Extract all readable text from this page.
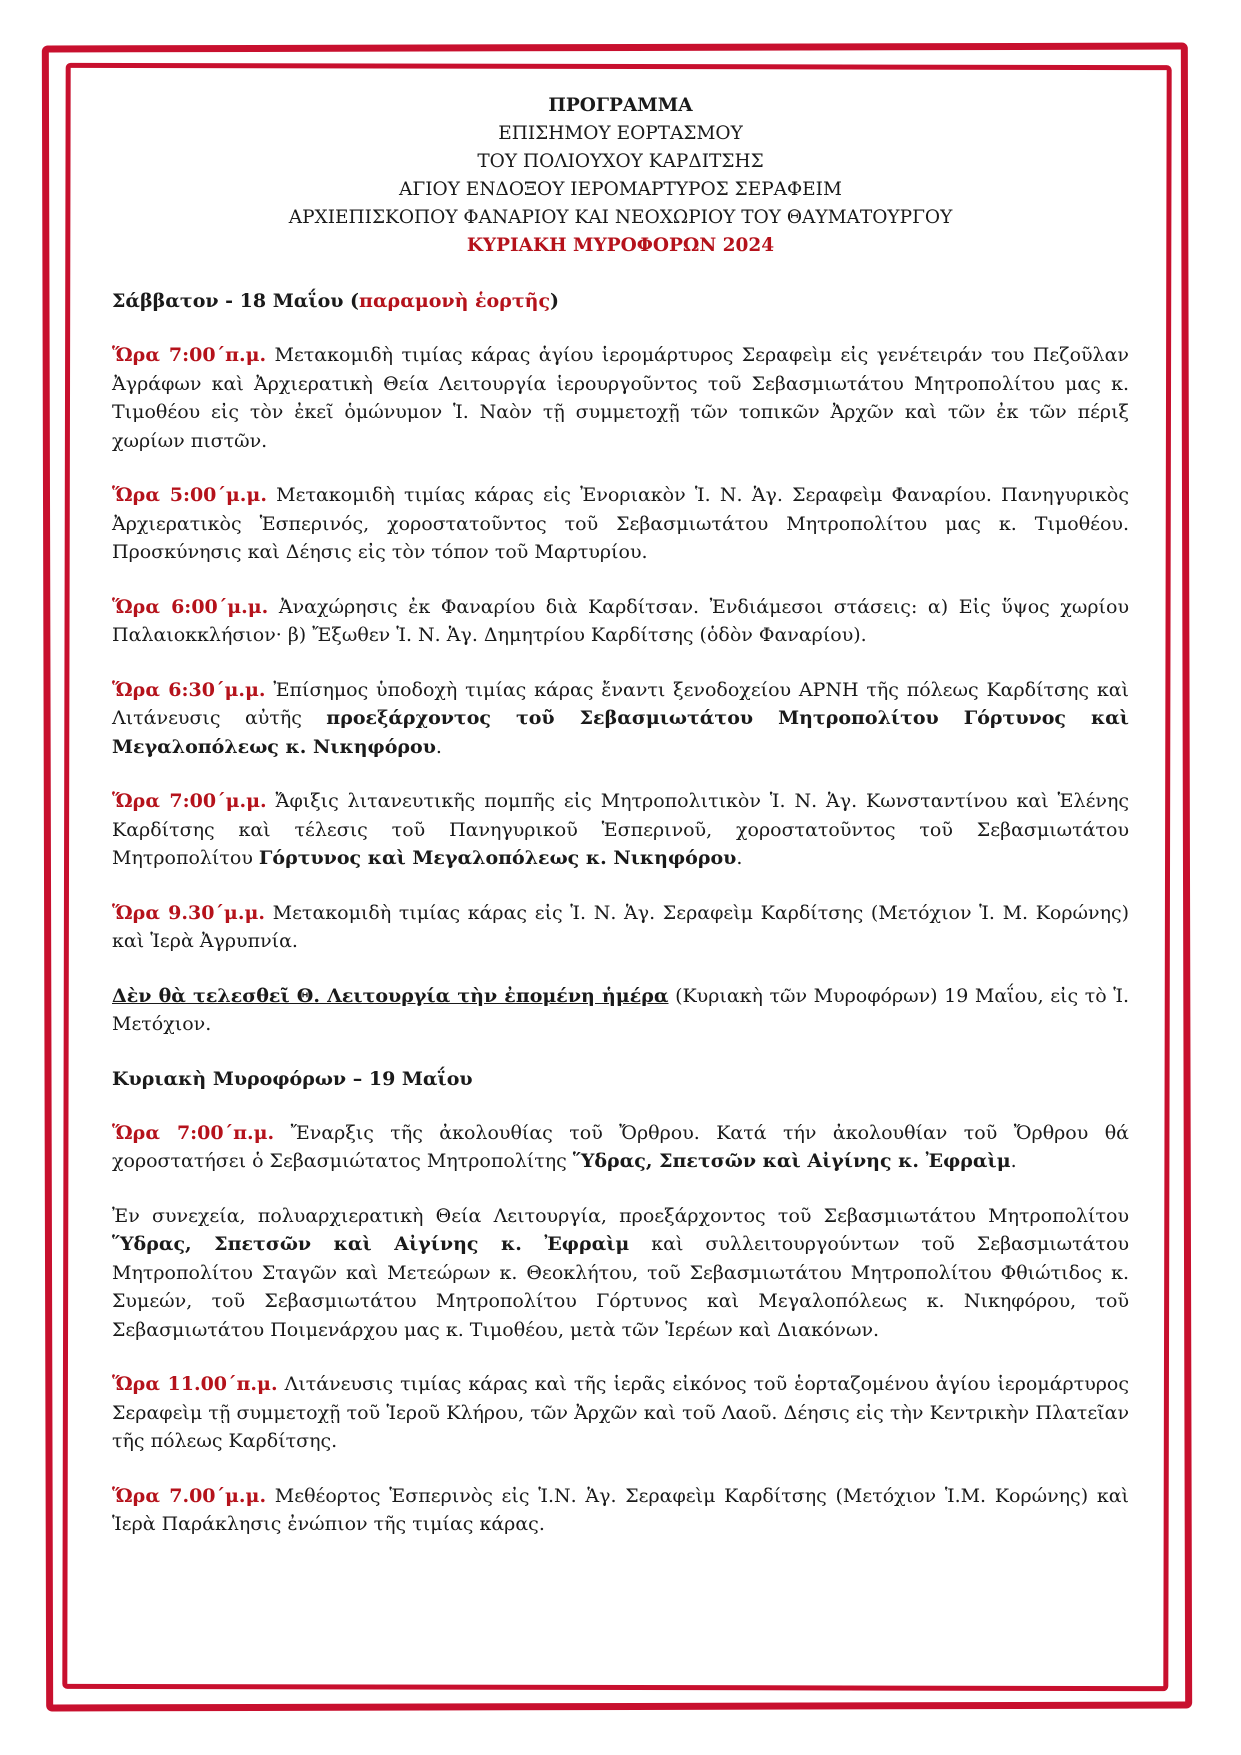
ΠΡΟΓΡΑΜΜΑ
ΕΠΙΣΗΜΟΥ ΕΟΡΤΑΣΜΟΥ
ΤΟΥ ΠΟΛΙΟΥΧΟΥ ΚΑΡΔΙΤΣΗΣ
ΑΓΙΟΥ ΕΝΔΟΞΟΥ ΙΕΡΟΜΑΡΤΥΡΟΣ ΣΕΡΑΦΕΙΜ
ΑΡΧΙΕΠΙΣΚΟΠΟΥ ΦΑΝΑΡΙΟΥ ΚΑΙ ΝΕΟΧΩΡΙΟΥ ΤΟΥ ΘΑΥΜΑΤΟΥΡΓΟΥ
ΚΥΡΙΑΚΗ ΜΥΡΟΦΟΡΩΝ 2024

Σάββατον - 18 Μαΐου (παραμονὴ ἑορτῆς)

Ὥρα 7:00΄π.μ. Μετακομιδὴ τιμίας κάρας ἁγίου ἱερομάρτυρος Σεραφεὶμ εἰς γενέτειράν του Πεζοῦλαν Ἀγράφων καὶ Ἀρχιερατικὴ Θεία Λειτουργία ἱερουργοῦντος τοῦ Σεβασμιωτάτου Μητροπολίτου μας κ. Τιμοθέου εἰς τὸν ἐκεῖ ὁμώνυμον Ἱ. Ναὸν τῇ συμμετοχῇ τῶν τοπικῶν Ἀρχῶν καὶ τῶν ἐκ τῶν πέριξ χωρίων πιστῶν.

Ὥρα 5:00΄μ.μ. Μετακομιδὴ τιμίας κάρας εἰς Ἐνοριακὸν Ἱ. Ν. Ἁγ. Σεραφεὶμ Φαναρίου. Πανηγυρικὸς Ἀρχιερατικὸς Ἑσπερινός, χοροστατοῦντος τοῦ Σεβασμιωτάτου Μητροπολίτου μας κ. Τιμοθέου. Προσκύνησις καὶ Δέησις εἰς τὸν τόπον τοῦ Μαρτυρίου.

Ὥρα 6:00΄μ.μ. Ἀναχώρησις ἐκ Φαναρίου διὰ Καρδίτσαν. Ἐνδιάμεσοι στάσεις: α) Εἰς ὕψος χωρίου Παλαιοκκλήσιον· β) Ἔξωθεν Ἱ. Ν. Ἁγ. Δημητρίου Καρδίτσης (ὁδὸν Φαναρίου).

Ὥρα 6:30΄μ.μ. Ἐπίσημος ὑποδοχὴ τιμίας κάρας ἔναντι ξενοδοχείου ΑΡΝΗ τῆς πόλεως Καρδίτσης καὶ Λιτάνευσις αὐτῆς προεξάρχοντος τοῦ Σεβασμιωτάτου Μητροπολίτου Γόρτυνος καὶ Μεγαλοπόλεως κ. Νικηφόρου.

Ὥρα 7:00΄μ.μ. Ἄφιξις λιτανευτικῆς πομπῆς εἰς Μητροπολιτικὸν Ἱ. Ν. Ἁγ. Κωνσταντίνου καὶ Ἑλένης Καρδίτσης καὶ τέλεσις τοῦ Πανηγυρικοῦ Ἑσπερινοῦ, χοροστατοῦντος τοῦ Σεβασμιωτάτου Μητροπολίτου Γόρτυνος καὶ Μεγαλοπόλεως κ. Νικηφόρου.

Ὥρα 9.30΄μ.μ. Μετακομιδὴ τιμίας κάρας εἰς Ἱ. Ν. Ἁγ. Σεραφεὶμ Καρδίτσης (Μετόχιον Ἱ. Μ. Κορώνης) καὶ Ἱερὰ Ἀγρυπνία.

Δὲν θὰ τελεσθεῖ Θ. Λειτουργία τὴν ἐπομένη ἡμέρα (Κυριακὴ τῶν Μυροφόρων) 19 Μαΐου, εἰς τὸ Ἱ. Μετόχιον.

Κυριακὴ Μυροφόρων – 19 Μαΐου

Ὥρα 7:00΄π.μ. Ἔναρξις τῆς ἀκολουθίας τοῦ Ὄρθρου. Κατά τήν ἀκολουθίαν τοῦ Ὄρθρου θά χοροστατήσει ὁ Σεβασμιώτατος Μητροπολίτης Ὕδρας, Σπετσῶν καὶ Αἰγίνης κ. Ἐφραὶμ.

Ἐν συνεχεία, πολυαρχιερατικὴ Θεία Λειτουργία, προεξάρχοντος τοῦ Σεβασμιωτάτου Μητροπολίτου Ὕδρας, Σπετσῶν καὶ Αἰγίνης κ. Ἐφραὶμ καὶ συλλειτουργούντων τοῦ Σεβασμιωτάτου Μητροπολίτου Σταγῶν καὶ Μετεώρων κ. Θεοκλήτου, τοῦ Σεβασμιωτάτου Μητροπολίτου Φθιώτιδος κ. Συμεών, τοῦ Σεβασμιωτάτου Μητροπολίτου Γόρτυνος καὶ Μεγαλοπόλεως κ. Νικηφόρου, τοῦ Σεβασμιωτάτου Ποιμενάρχου μας κ. Τιμοθέου, μετὰ τῶν Ἱερέων καὶ Διακόνων.

Ὥρα 11.00΄π.μ. Λιτάνευσις τιμίας κάρας καὶ τῆς ἱερᾶς εἰκόνος τοῦ ἑορταζομένου ἁγίου ἱερομάρτυρος Σεραφεὶμ τῇ συμμετοχῇ τοῦ Ἱεροῦ Κλήρου, τῶν Ἀρχῶν καὶ τοῦ Λαοῦ. Δέησις εἰς τὴν Κεντρικὴν Πλατεῖαν τῆς πόλεως Καρδίτσης.

Ὥρα 7.00΄μ.μ. Μεθέορτος Ἑσπερινὸς εἰς Ἱ.Ν. Ἁγ. Σεραφεὶμ Καρδίτσης (Μετόχιον Ἱ.Μ. Κορώνης) καὶ Ἱερὰ Παράκλησις ἐνώπιον τῆς τιμίας κάρας.
